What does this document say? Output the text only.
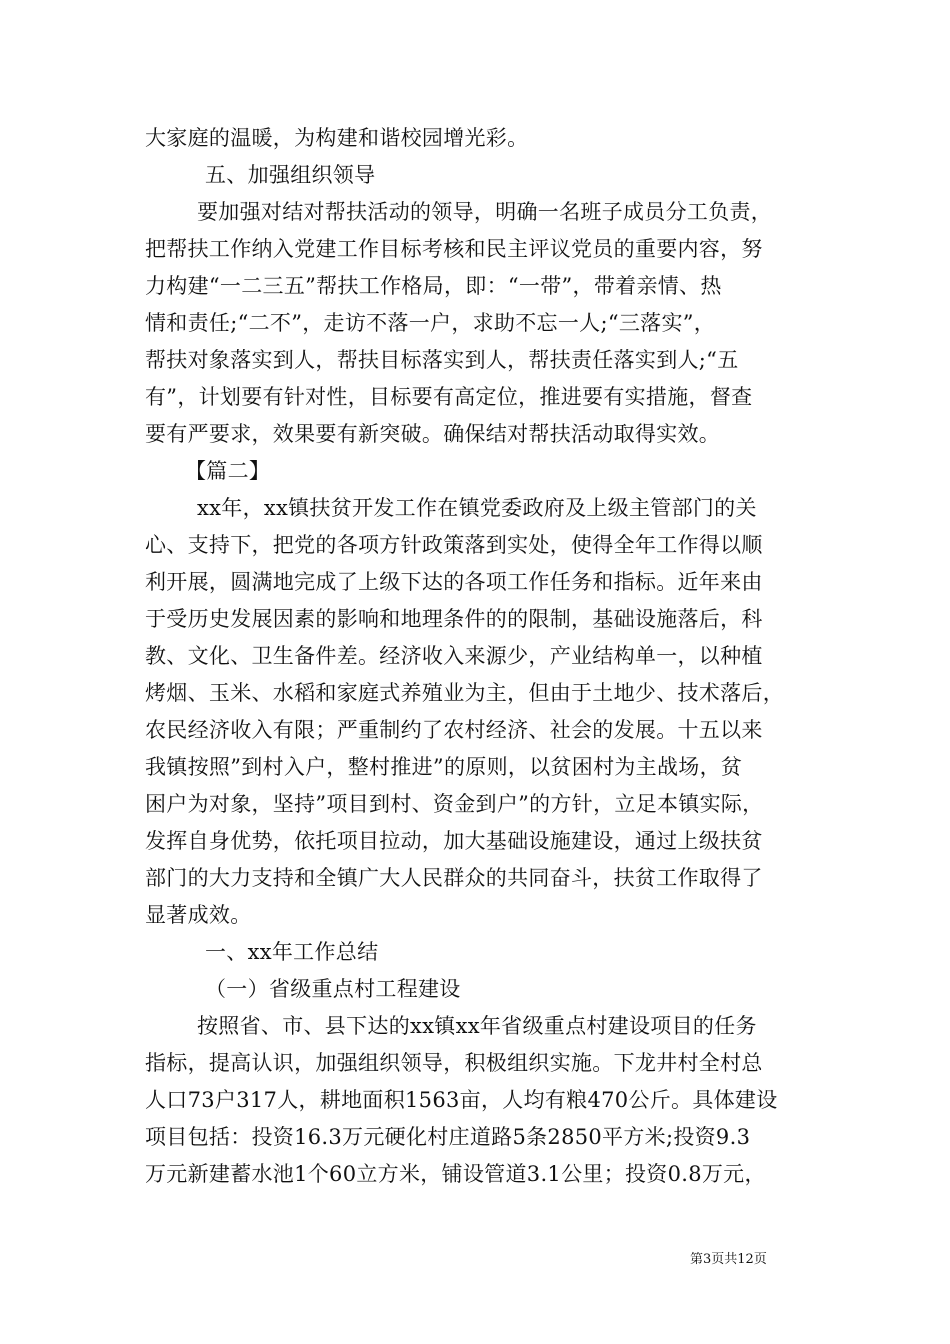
大家庭的温暖，为构建和谐校园增光彩。
五、加强组织领导
要加强对结对帮扶活动的领导，明确一名班子成员分工负责，
把帮扶工作纳入党建工作目标考核和民主评议党员的重要内容，努
力构建“一二三五”帮扶工作格局，即：“一带”，带着亲情、热
情和责任;“二不”，走访不落一户，求助不忘一人;“三落实”，
帮扶对象落实到人，帮扶目标落实到人，帮扶责任落实到人;“五
有”，计划要有针对性，目标要有高定位，推进要有实措施，督查
要有严要求，效果要有新突破。确保结对帮扶活动取得实效。
【篇二】
xx年，xx镇扶贫开发工作在镇党委政府及上级主管部门的关
心、支持下，把党的各项方针政策落到实处，使得全年工作得以顺
利开展，圆满地完成了上级下达的各项工作任务和指标。近年来由
于受历史发展因素的影响和地理条件的的限制，基础设施落后，科
教、文化、卫生备件差。经济收入来源少，产业结构单一，以种植
烤烟、玉米、水稻和家庭式养殖业为主，但由于土地少、技术落后，
农民经济收入有限；严重制约了农村经济、社会的发展。十五以来
我镇按照”到村入户，整村推进”的原则，以贫困村为主战场，贫
困户为对象，坚持”项目到村、资金到户”的方针，立足本镇实际，
发挥自身优势，依托项目拉动，加大基础设施建设，通过上级扶贫
部门的大力支持和全镇广大人民群众的共同奋斗，扶贫工作取得了
显著成效。
一、xx年工作总结
（一）省级重点村工程建设
按照省、市、县下达的xx镇xx年省级重点村建设项目的任务
指标，提高认识，加强组织领导，积极组织实施。下龙井村全村总
人口73户317人，耕地面积1563亩，人均有粮470公斤。具体建设
项目包括：投资16.3万元硬化村庄道路5条2850平方米;投资9.3
万元新建蓄水池1个60立方米，铺设管道3.1公里；投资0.8万元，
第3页共12页
